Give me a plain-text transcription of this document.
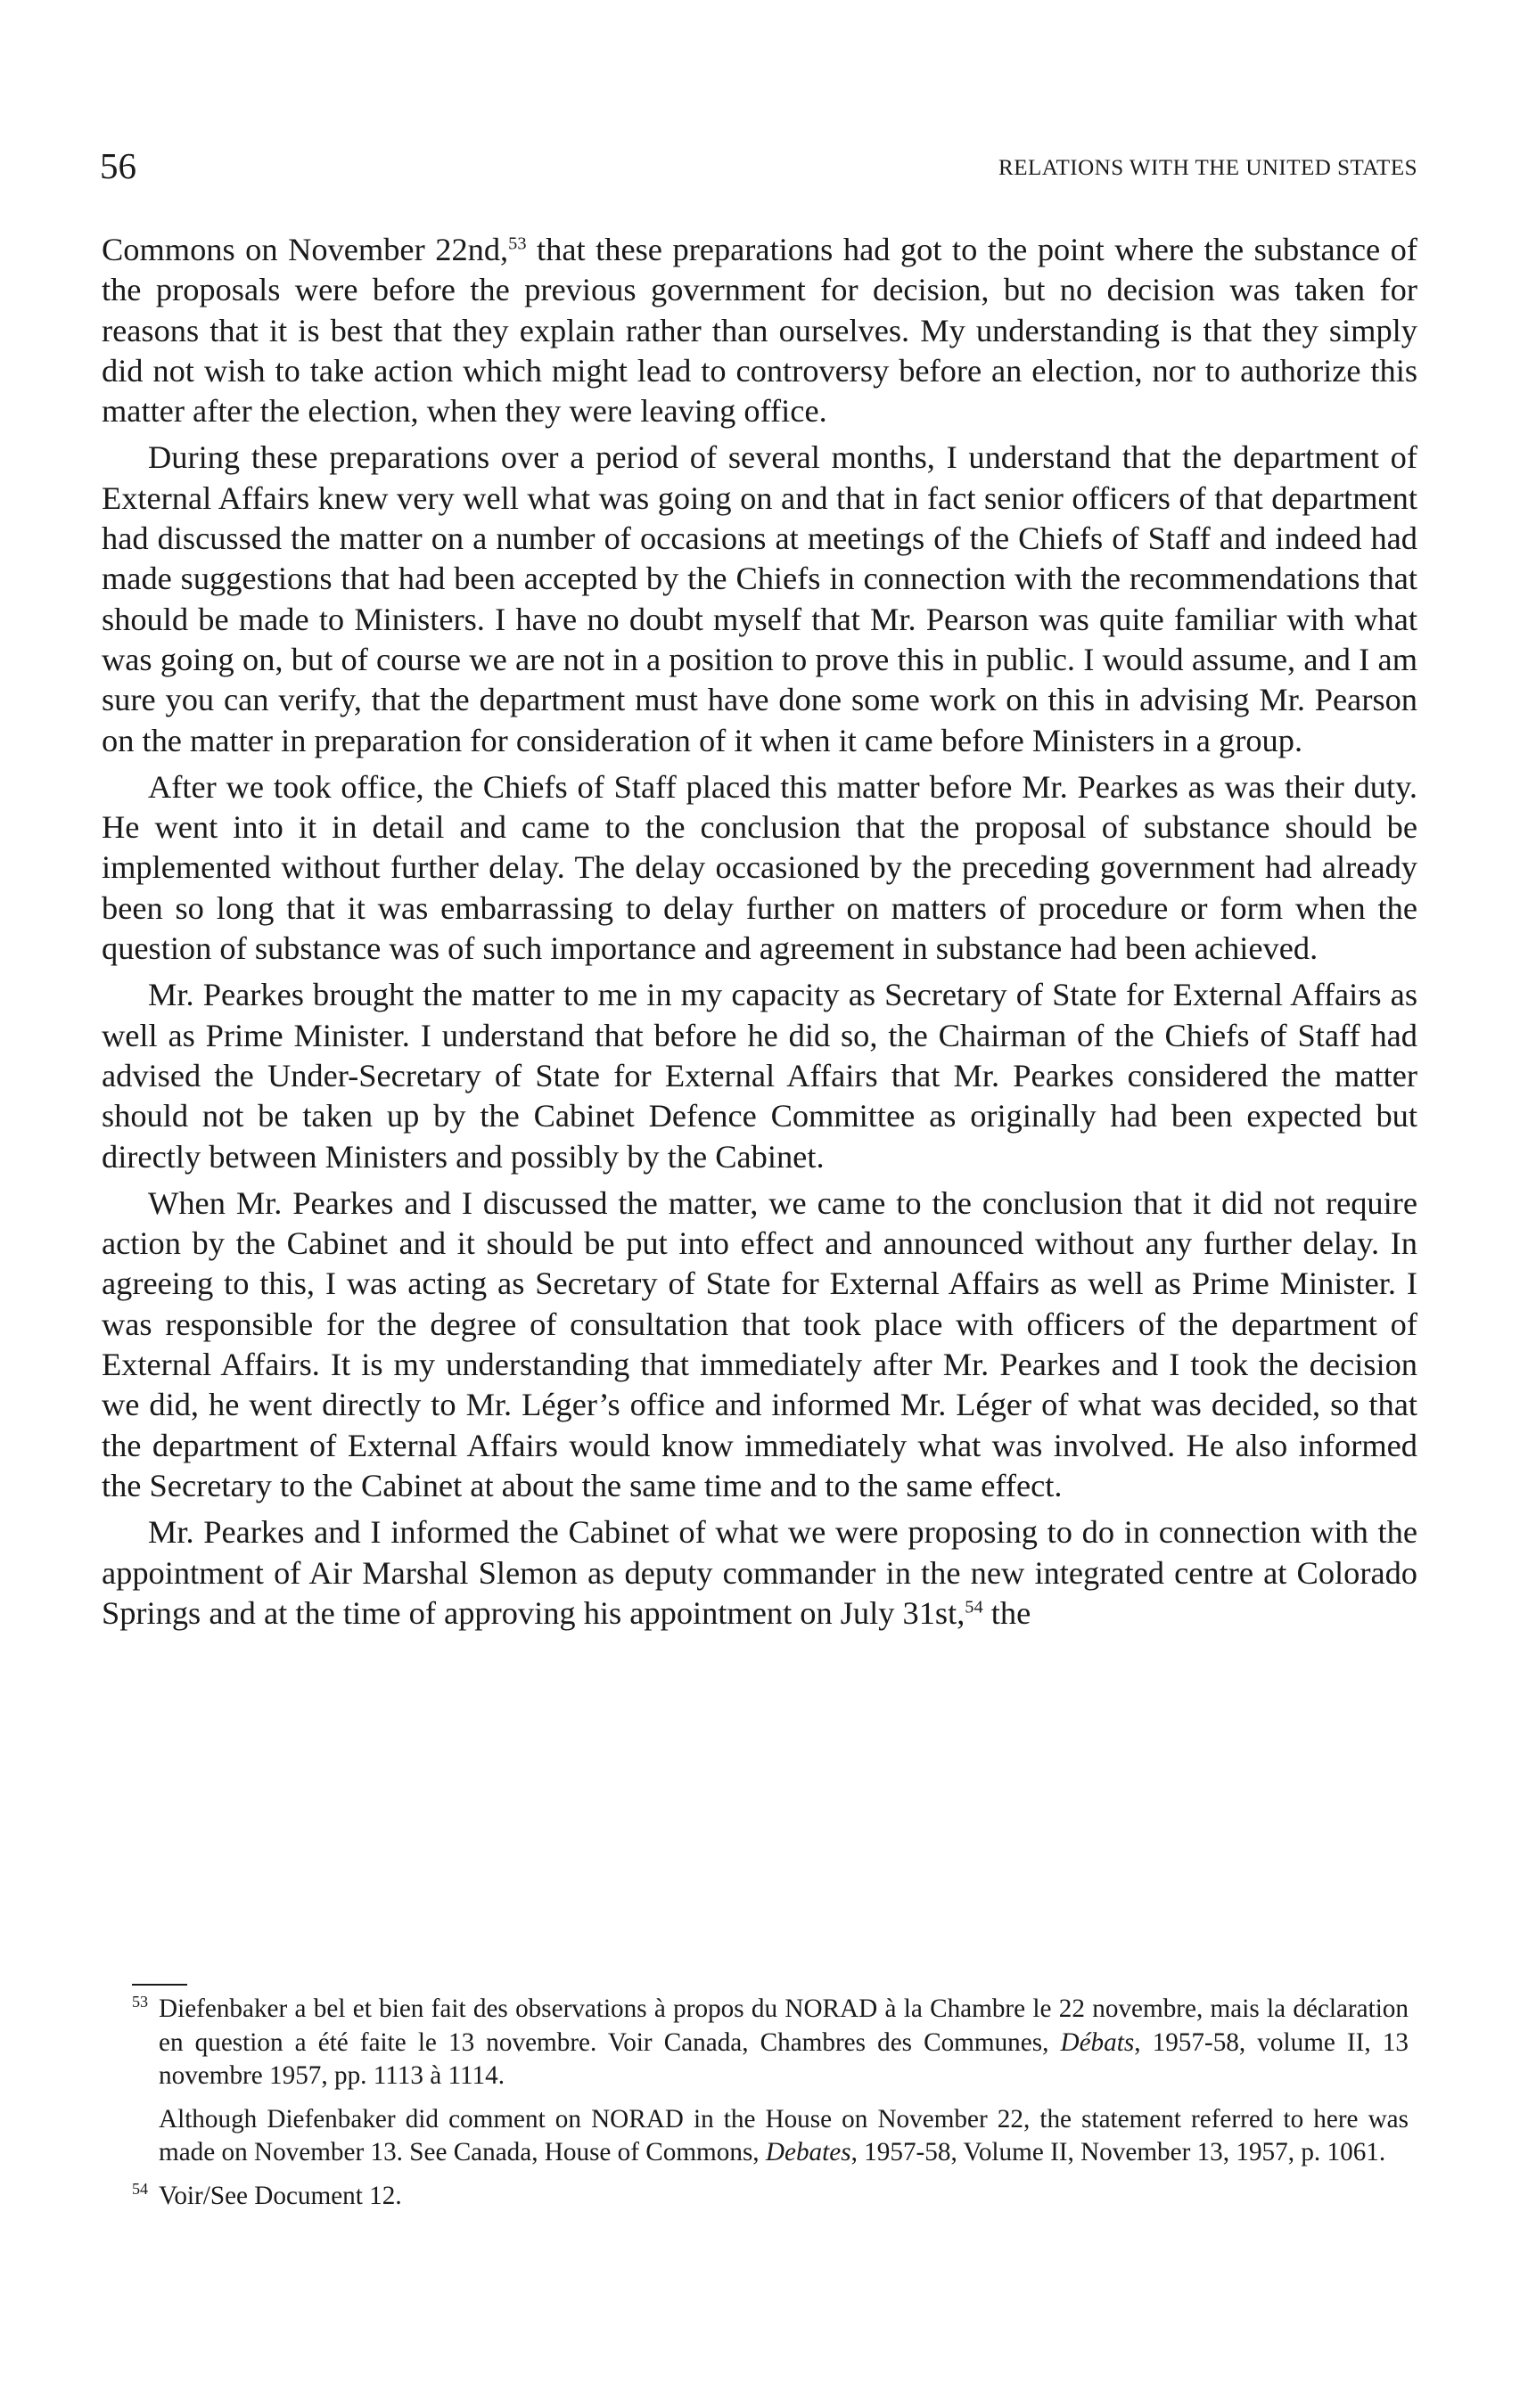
56	RELATIONS WITH THE UNITED STATES

Commons on November 22nd,$^{53}$ that these preparations had got to the point where the substance of the proposals were before the previous government for decision, but no decision was taken for reasons that it is best that they explain rather than ourselves. My understanding is that they simply did not wish to take action which might lead to controversy before an election, nor to authorize this matter after the election, when they were leaving office.

During these preparations over a period of several months, I understand that the department of External Affairs knew very well what was going on and that in fact senior officers of that department had discussed the matter on a number of occasions at meetings of the Chiefs of Staff and indeed had made suggestions that had been accepted by the Chiefs in connection with the recommendations that should be made to Ministers. I have no doubt myself that Mr. Pearson was quite familiar with what was going on, but of course we are not in a position to prove this in public. I would assume, and I am sure you can verify, that the department must have done some work on this in advising Mr. Pearson on the matter in preparation for consideration of it when it came before Ministers in a group.

After we took office, the Chiefs of Staff placed this matter before Mr. Pearkes as was their duty. He went into it in detail and came to the conclusion that the proposal of substance should be implemented without further delay. The delay occasioned by the preceding government had already been so long that it was embarrassing to delay further on matters of procedure or form when the question of substance was of such importance and agreement in substance had been achieved.

Mr. Pearkes brought the matter to me in my capacity as Secretary of State for External Affairs as well as Prime Minister. I understand that before he did so, the Chairman of the Chiefs of Staff had advised the Under-Secretary of State for External Affairs that Mr. Pearkes considered the matter should not be taken up by the Cabinet Defence Committee as originally had been expected but directly between Ministers and possibly by the Cabinet.

When Mr. Pearkes and I discussed the matter, we came to the conclusion that it did not require action by the Cabinet and it should be put into effect and announced without any further delay. In agreeing to this, I was acting as Secretary of State for External Affairs as well as Prime Minister. I was responsible for the degree of consultation that took place with officers of the department of External Affairs. It is my understanding that immediately after Mr. Pearkes and I took the decision we did, he went directly to Mr. Léger’s office and informed Mr. Léger of what was decided, so that the department of External Affairs would know immediately what was involved. He also informed the Secretary to the Cabinet at about the same time and to the same effect.

Mr. Pearkes and I informed the Cabinet of what we were proposing to do in connection with the appointment of Air Marshal Slemon as deputy commander in the new integrated centre at Colorado Springs and at the time of approving his appointment on July 31st,$^{54}$ the

$^{53}$ Diefenbaker a bel et bien fait des observations à propos du NORAD à la Chambre le 22 novembre, mais la déclaration en question a été faite le 13 novembre. Voir Canada, Chambres des Communes, Débats, 1957-58, volume II, 13 novembre 1957, pp. 1113 à 1114.
Although Diefenbaker did comment on NORAD in the House on November 22, the statement referred to here was made on November 13. See Canada, House of Commons, Debates, 1957-58, Volume II, November 13, 1957, p. 1061.
$^{54}$ Voir/See Document 12.
